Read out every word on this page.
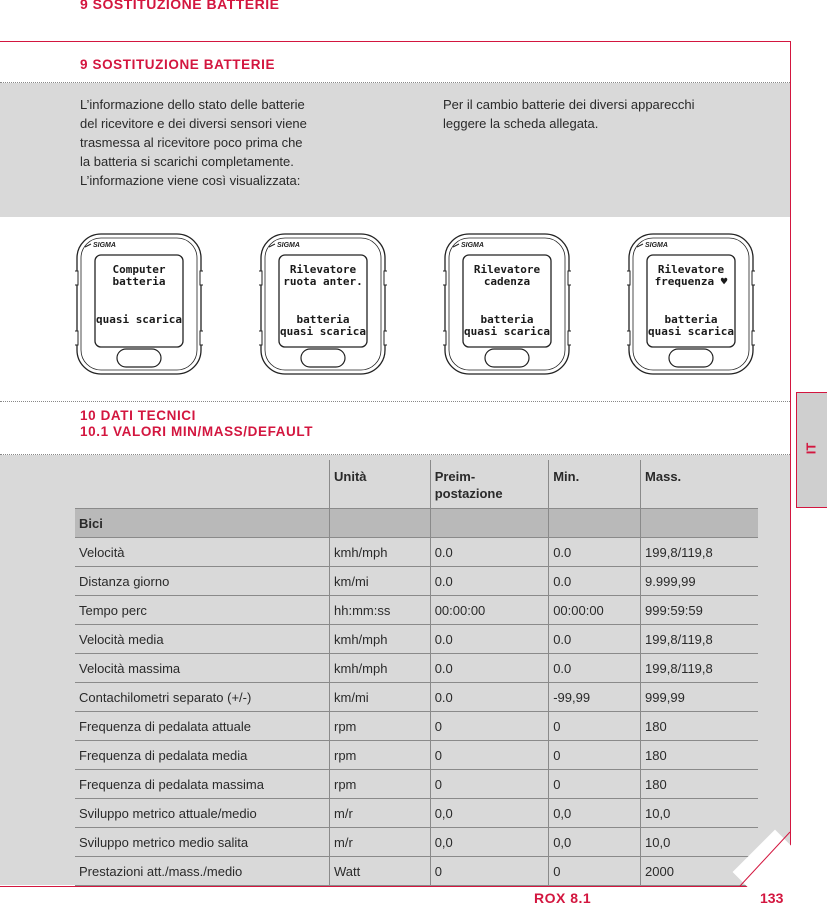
9 SOSTITUZIONE BATTERIE
9 SOSTITUZIONE BATTERIE
L’informazione dello stato delle batterie
del ricevitore e dei diversi sensori viene
trasmessa al ricevitore poco prima che
la batteria si scarichi completamente.
L’informazione viene così visualizzata:
Per il cambio batterie dei diversi apparecchi
leggere la scheda allegata.
SIGMA
Computer
batteria
quasi scarica
SIGMA
Rilevatore
ruota anter.
batteria
quasi scarica
SIGMA
Rilevatore
cadenza
batteria
quasi scarica
SIGMA
Rilevatore
frequenza ♥
batteria
quasi scarica
10 DATI TECNICI
10.1 VALORI MIN/MASS/DEFAULT
	Unità	Preim-
postazione	Min.	Mass.
Bici				
Velocità	kmh/mph	0.0	0.0	199,8/119,8
Distanza giorno	km/mi	0.0	0.0	9.999,99
Tempo perc	hh:mm:ss	00:00:00	00:00:00	999:59:59
Velocità media	kmh/mph	0.0	0.0	199,8/119,8
Velocità massima	kmh/mph	0.0	0.0	199,8/119,8
Contachilometri separato (+/-)	km/mi	0.0	-99,99	999,99
Frequenza di pedalata attuale	rpm	0	0	180
Frequenza di pedalata media	rpm	0	0	180
Frequenza di pedalata massima	rpm	0	0	180
Sviluppo metrico attuale/medio	m/r	0,0	0,0	10,0
Sviluppo metrico medio salita	m/r	0,0	0,0	10,0
Prestazioni att./mass./medio	Watt	0	0	2000
IT
ROX 8.1	133
